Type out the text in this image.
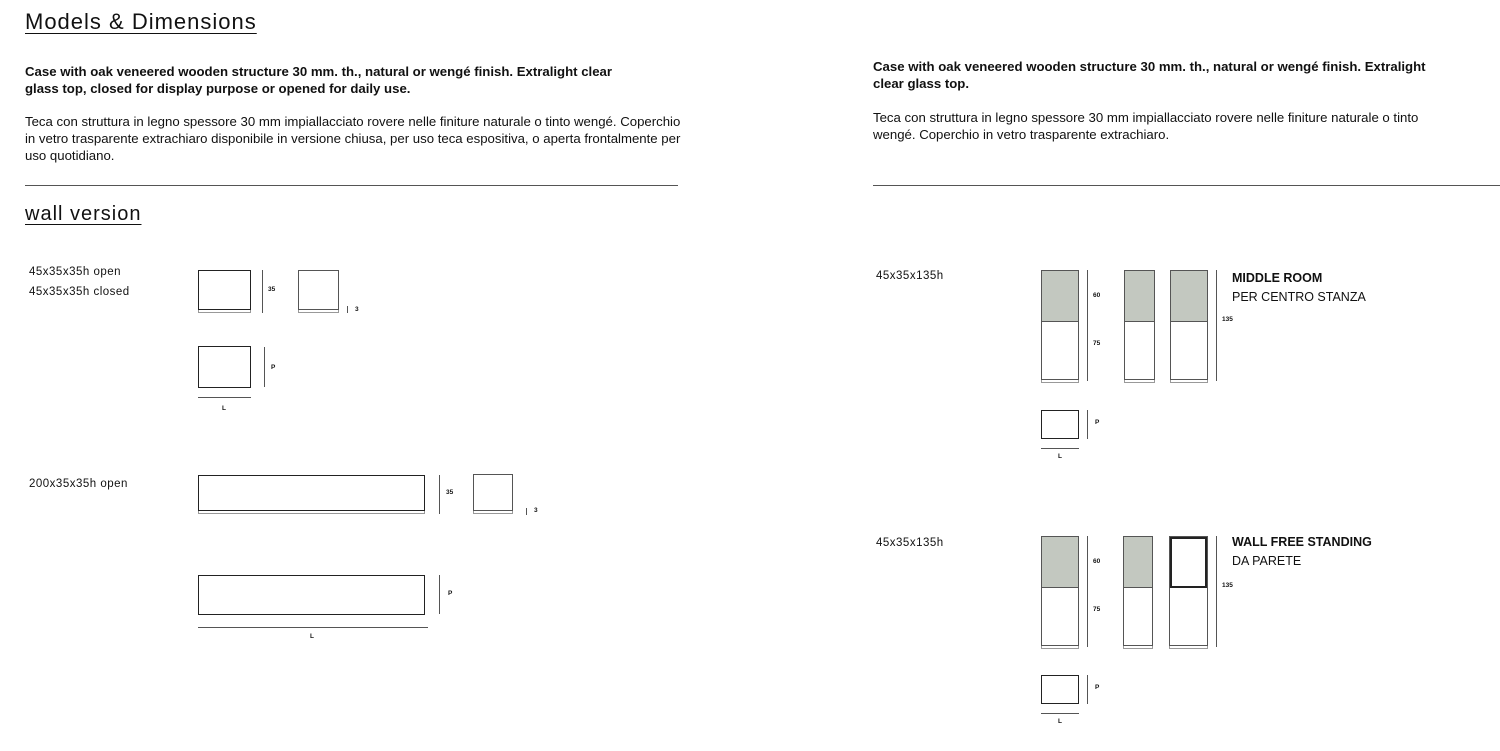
Models & Dimensions
Case with oak veneered wooden structure 30 mm. th., natural or wengé finish. Extralight clear glass top, closed for display purpose or opened for daily use.
Teca con struttura in legno spessore 30 mm impiallacciato rovere nelle finiture naturale o tinto wengé. Coperchio in vetro trasparente extrachiaro disponibile in versione chiusa, per uso teca espositiva, o aperta frontalmente per uso quotidiano.
wall version
45x35x35h open
45x35x35h closed	35
3
P
L
200x35x35h open
35
3
P
L
Case with oak veneered wooden structure 30 mm. th., natural or wengé finish. Extralight clear glass top.
Teca con struttura in legno spessore 30 mm impiallacciato rovere nelle finiture naturale o tinto wengé. Coperchio in vetro trasparente extrachiaro.
45x35x135h
60
75
135
MIDDLE ROOM
PER CENTRO STANZA
P
L
45x35x135h
60
75
135
WALL FREE STANDING
DA PARETE
P
L
